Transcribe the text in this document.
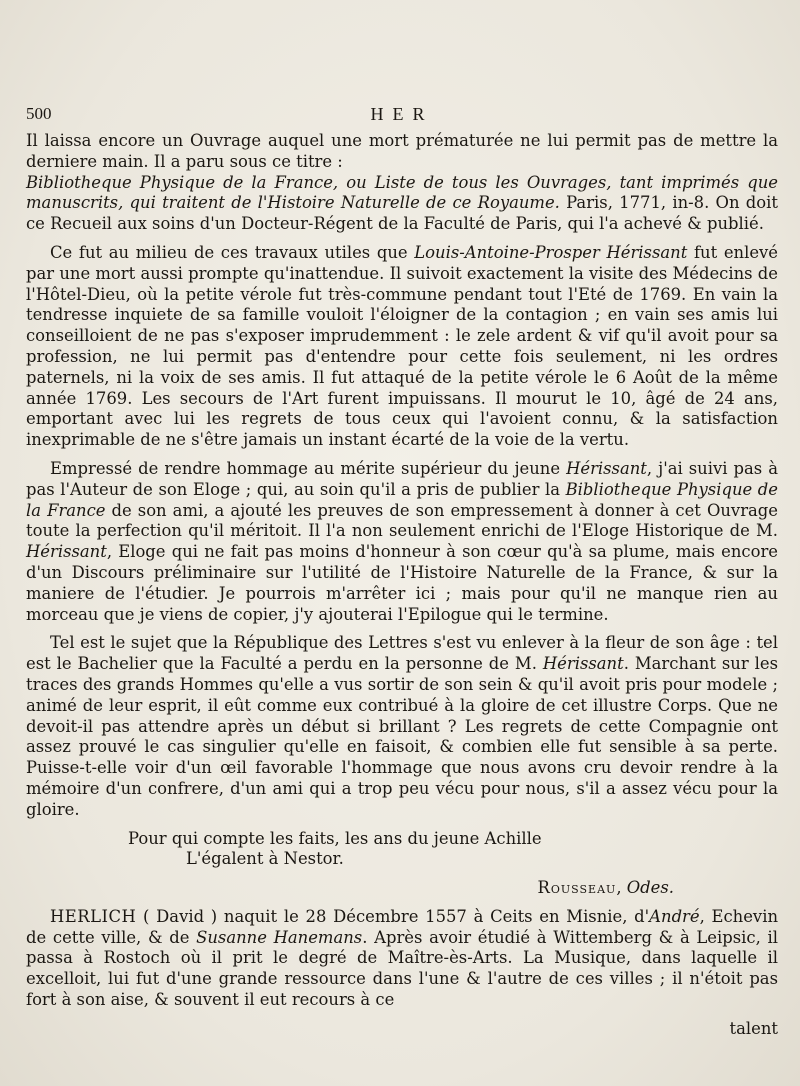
500	HER

Il laissa encore un Ouvrage auquel une mort prématurée ne lui permit pas de mettre la derniere main. Il a paru sous ce titre :
Bibliotheque Physique de la France, ou Liste de tous les Ouvrages, tant imprimés que manuscrits, qui traitent de l'Histoire Naturelle de ce Royaume. Paris, 1771, in-8. On doit ce Recueil aux soins d'un Docteur-Régent de la Faculté de Paris, qui l'a achevé & publié.

Ce fut au milieu de ces travaux utiles que Louis-Antoine-Prosper Hérissant fut enlevé par une mort aussi prompte qu'inattendue. Il suivoit exactement la visite des Médecins de l'Hôtel-Dieu, où la petite vérole fut très-commune pendant tout l'Eté de 1769. En vain la tendresse inquiete de sa famille vouloit l'éloigner de la contagion ; en vain ses amis lui conseilloient de ne pas s'exposer imprudemment : le zele ardent & vif qu'il avoit pour sa profession, ne lui permit pas d'entendre pour cette fois seulement, ni les ordres paternels, ni la voix de ses amis. Il fut attaqué de la petite vérole le 6 Août de la même année 1769. Les secours de l'Art furent impuissans. Il mourut le 10, âgé de 24 ans, emportant avec lui les regrets de tous ceux qui l'avoient connu, & la satisfaction inexprimable de ne s'être jamais un instant écarté de la voie de la vertu.

Empressé de rendre hommage au mérite supérieur du jeune Hérissant, j'ai suivi pas à pas l'Auteur de son Eloge ; qui, au soin qu'il a pris de publier la Bibliotheque Physique de la France de son ami, a ajouté les preuves de son empressement à donner à cet Ouvrage toute la perfection qu'il méritoit. Il l'a non seulement enrichi de l'Eloge Historique de M. Hérissant, Eloge qui ne fait pas moins d'honneur à son cœur qu'à sa plume, mais encore d'un Discours préliminaire sur l'utilité de l'Histoire Naturelle de la France, & sur la maniere de l'étudier. Je pourrois m'arrêter ici ; mais pour qu'il ne manque rien au morceau que je viens de copier, j'y ajouterai l'Epilogue qui le termine.

Tel est le sujet que la République des Lettres s'est vu enlever à la fleur de son âge : tel est le Bachelier que la Faculté a perdu en la personne de M. Hérissant. Marchant sur les traces des grands Hommes qu'elle a vus sortir de son sein & qu'il avoit pris pour modele ; animé de leur esprit, il eût comme eux contribué à la gloire de cet illustre Corps. Que ne devoit-il pas attendre après un début si brillant ? Les regrets de cette Compagnie ont assez prouvé le cas singulier qu'elle en faisoit, & combien elle fut sensible à sa perte. Puisse-t-elle voir d'un œil favorable l'hommage que nous avons cru devoir rendre à la mémoire d'un confrere, d'un ami qui a trop peu vécu pour nous, s'il a assez vécu pour la gloire.

Pour qui compte les faits, les ans du jeune Achille
L'égalent à Nestor.

Rousseau, Odes.

HERLICH ( David ) naquit le 28 Décembre 1557 à Ceits en Misnie, d'André, Echevin de cette ville, & de Susanne Hanemans. Après avoir étudié à Wittemberg & à Leipsic, il passa à Rostoch où il prit le degré de Maître-ès-Arts. La Musique, dans laquelle il excelloit, lui fut d'une grande ressource dans l'une & l'autre de ces villes ; il n'étoit pas fort à son aise, & souvent il eut recours à ce

talent
